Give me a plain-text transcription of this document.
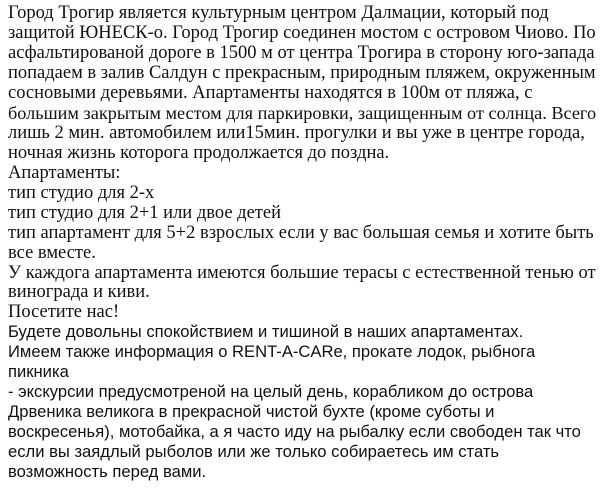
Город Трогир является культурным центром Далмации, который под
защитой ЮНЕСК-о. Город Трогир соединен мостом с островом Чиово. По
асфальтированой дороге в 1500 м от центра Трогира в сторону юго-запада
попадаем в залив Салдун с прекрасным, природным пляжем, окруженным
сосновыми деревьями. Апартаменты находятся в 100м от пляжа, с
большим закрытым местом для паркировки, защищенным от солнца. Всего
лишь 2 мин. автомобилем или15мин. прогулки и вы уже в центре города,
ночная жизнь которога продолжается до поздна.
Апартаменты:
тип студио для 2-х
тип студио для 2+1 или двое детей
тип апартамент для 5+2 взрослых если у вас большая семья и хотите быть
все вместе.
У каждога апартамента имеются большие терасы с естественной тенью от
винограда и киви.
Посетите нас!
Будете довольны спокойствием и тишиной в наших апартаментах.
Имеем также информация о RENT-A-CARe, прокате лодок, рыбнога
пикника
- экскурсии предусмотреной на целый день, корабликом до острова
Дрвеника великога в прекрасной чистой бухте (кроме суботы и
воскресенья), мотобайка, а я часто иду на рыбалку если свободен так что
если вы заядлый рыболов или же только собираетесь им стать
возможность перед вами.
